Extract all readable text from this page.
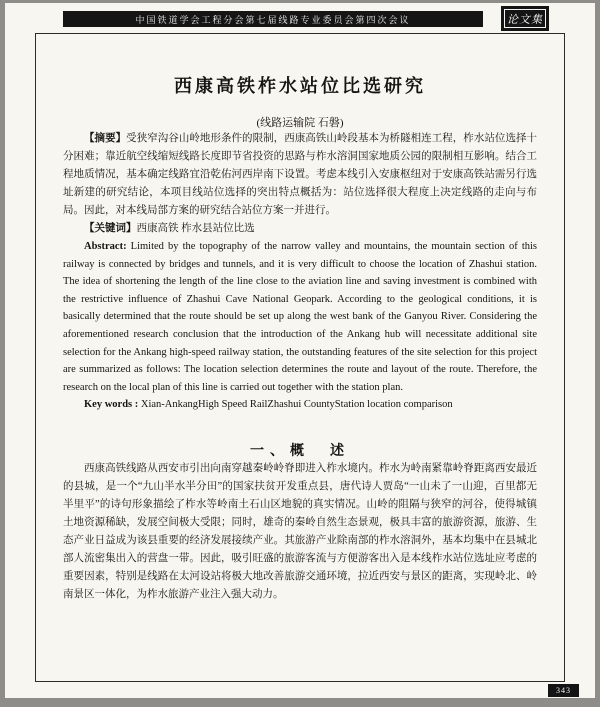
中国铁道学会工程分会第七届线路专业委员会第四次会议	论文集
西康高铁柞水站位比选研究

(线路运输院 石磐)

【摘要】受狭窄沟谷山岭地形条件的限制，西康高铁山岭段基本为桥隧相连工程，柞水站位选择十分困难；靠近航空线缩短线路长度即节省投资的思路与柞水溶洞国家地质公园的限制相互影响。结合工程地质情况，基本确定线路宜沿乾佑河西岸南下设置。考虑本线引入安康枢纽对于安康高铁站需另行选址新建的研究结论，本项目线站位选择的突出特点概括为：站位选择很大程度上决定线路的走向与布局。因此，对本线局部方案的研究结合站位方案一并进行。

【关键词】西康高铁 柞水县站位比选

Abstract: Limited by the topography of the narrow valley and mountains, the mountain section of this railway is connected by bridges and tunnels, and it is very difficult to choose the location of Zhashui station. The idea of shortening the length of the line close to the aviation line and saving investment is combined with the restrictive influence of Zhashui Cave National Geopark. According to the geological conditions, it is basically determined that the route should be set up along the west bank of the Ganyou River. Considering the aforementioned research conclusion that the introduction of the Ankang hub will necessitate additional site selection for the Ankang high-speed railway station, the outstanding features of the site selection for this project are summarized as follows: The location selection determines the route and layout of the route. Therefore, the research on the local plan of this line is carried out together with the station plan.

Key words : Xian-AnkangHigh Speed RailZhashui CountyStation location comparison

一、概　述

西康高铁线路从西安市引出向南穿越秦岭岭脊即进入柞水境内。柞水为岭南紧靠岭脊距离西安最近的县城，是一个“九山半水半分田”的国家扶贫开发重点县，唐代诗人贾岛“一山未了一山迎，百里都无半里平”的诗句形象描绘了柞水等岭南土石山区地貌的真实情况。山岭的阻隔与狭窄的河谷，使得城镇土地资源稀缺，发展空间极大受限；同时，雄奇的秦岭自然生态景观，极具丰富的旅游资源，旅游、生态产业日益成为该县重要的经济发展接续产业。其旅游产业除南部的柞水溶洞外，基本均集中在县城北部人流密集出入的营盘一带。因此，吸引旺盛的旅游客流与方便游客出入是本线柞水站位选址应考虑的重要因素，特别是线路在太河设站将极大地改善旅游交通环境，拉近西安与景区的距离，实现岭北、岭南景区一体化，为柞水旅游产业注入强大动力。

343
